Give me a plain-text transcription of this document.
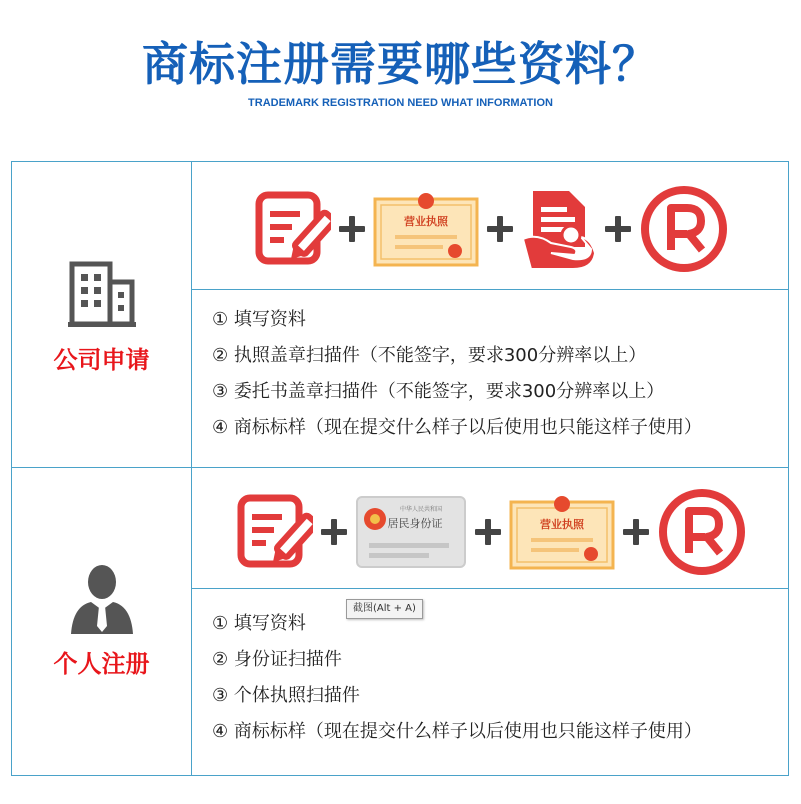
商标注册需要哪些资料？
TRADEMARK REGISTRATION NEED WHAT INFORMATION
公司申请
营业执照
① 填写资料
② 执照盖章扫描件（不能签字，要求300分辨率以上）
③ 委托书盖章扫描件（不能签字，要求300分辨率以上）
④ 商标标样（现在提交什么样子以后使用也只能这样子使用）
个人注册
中华人民共和国
居民身份证	营业执照
① 填写资料
② 身份证扫描件
③ 个体执照扫描件
④ 商标标样（现在提交什么样子以后使用也只能这样子使用）
截图(Alt + A)
